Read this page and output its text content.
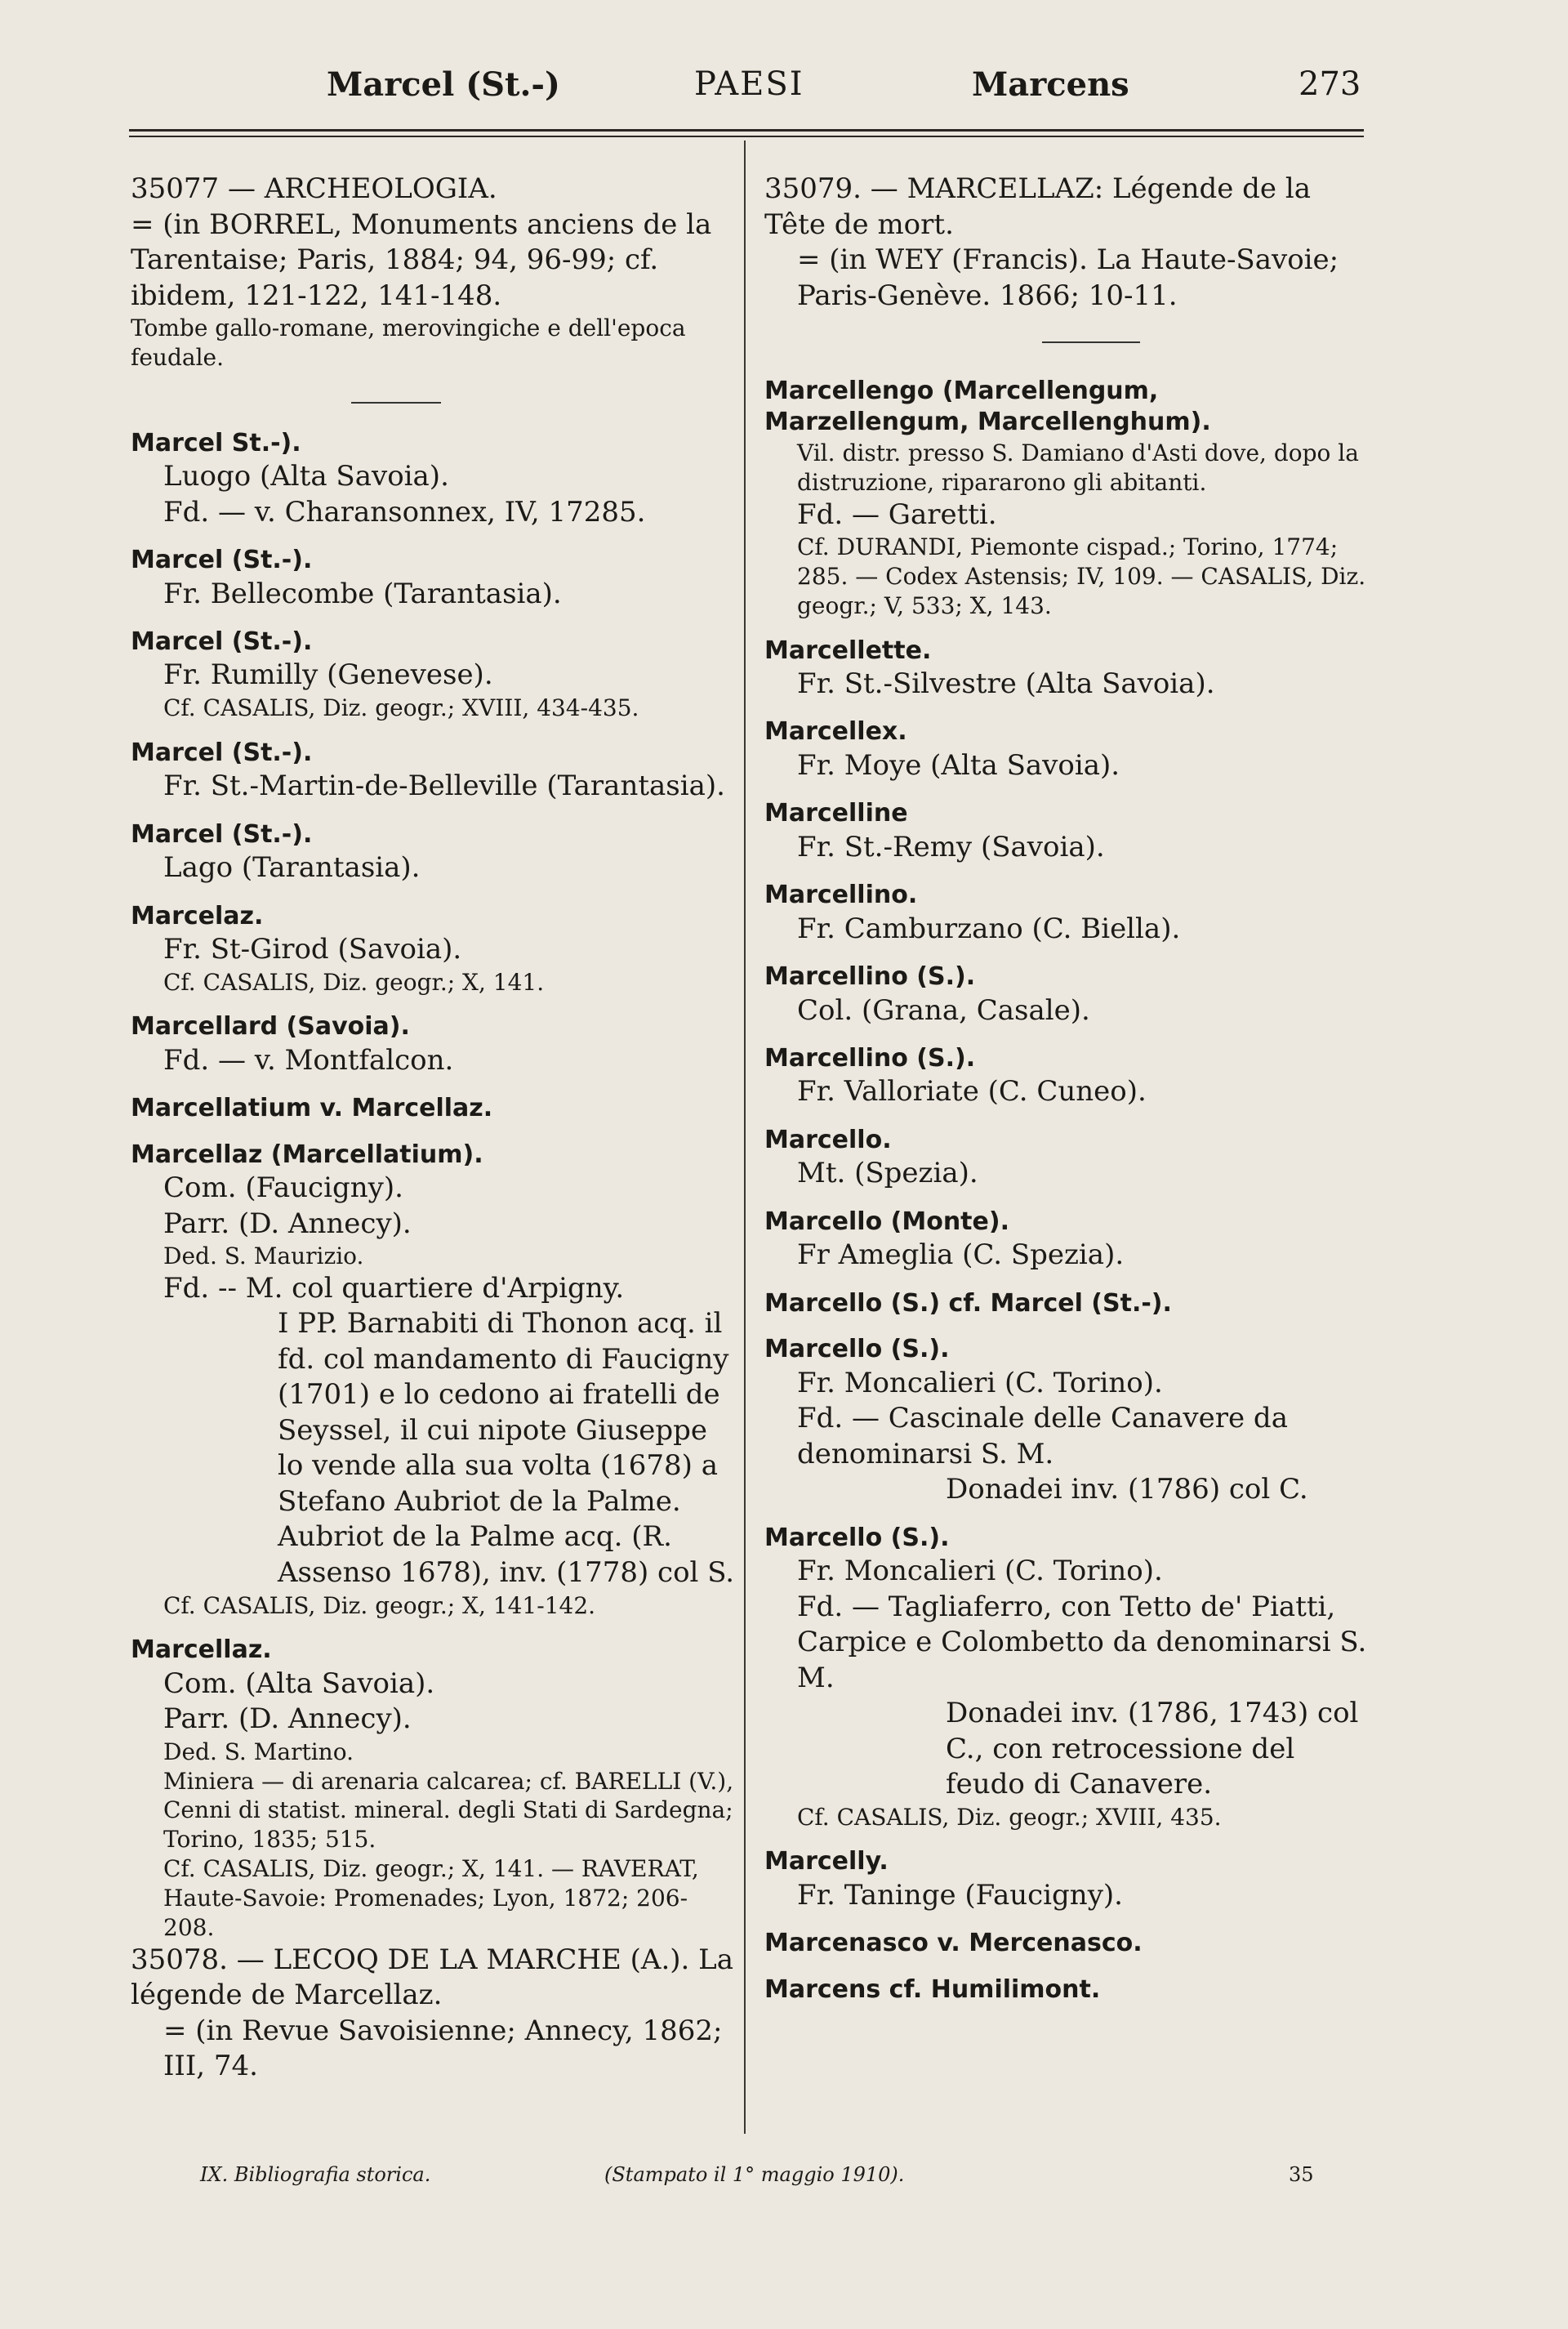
Marcel (St.-)	PAESI	Marcens	273

35077 — ARCHEOLOGIA.

= (in BORREL, Monuments anciens de la Tarentaise; Paris, 1884; 94, 96-99; cf. ibidem, 121-122, 141-148.

Tombe gallo-romane, merovingiche e dell'epoca feudale.

Marcel St.-).

Luogo (Alta Savoia).

Fd. — v. Charansonnex, IV, 17285.

Marcel (St.-).

Fr. Bellecombe (Tarantasia).

Marcel (St.-).

Fr. Rumilly (Genevese).

Cf. CASALIS, Diz. geogr.; XVIII, 434-435.

Marcel (St.-).

Fr. St.-Martin-de-Belleville (Tarantasia).

Marcel (St.-).

Lago (Tarantasia).

Marcelaz.

Fr. St-Girod (Savoia).

Cf. CASALIS, Diz. geogr.; X, 141.

Marcellard (Savoia).

Fd. — v. Montfalcon.

Marcellatium v. Marcellaz.

Marcellaz (Marcellatium).

Com. (Faucigny).

Parr. (D. Annecy).

Ded. S. Maurizio.

Fd. -- M. col quartiere d'Arpigny.

I PP. Barnabiti di Thonon acq. il fd. col mandamento di Faucigny (1701) e lo cedono ai fratelli de Seyssel, il cui nipote Giuseppe lo vende alla sua volta (1678) a Stefano Aubriot de la Palme.

Aubriot de la Palme acq. (R. Assenso 1678), inv. (1778) col S.

Cf. CASALIS, Diz. geogr.; X, 141-142.

Marcellaz.

Com. (Alta Savoia).

Parr. (D. Annecy).

Ded. S. Martino.

Miniera — di arenaria calcarea; cf. BARELLI (V.), Cenni di statist. mineral. degli Stati di Sardegna; Torino, 1835; 515.

Cf. CASALIS, Diz. geogr.; X, 141. — RAVERAT, Haute-Savoie: Promenades; Lyon, 1872; 206-208.

35078. — LECOQ DE LA MARCHE (A.). La légende de Marcellaz.

= (in Revue Savoisienne; Annecy, 1862; III, 74.

35079. — MARCELLAZ: Légende de la Tête de mort.

= (in WEY (Francis). La Haute-Savoie; Paris-Genève. 1866; 10-11.

Marcellengo (Marcellengum, Marzellengum, Marcellenghum).

Vil. distr. presso S. Damiano d'Asti dove, dopo la distruzione, ripararono gli abitanti.

Fd. — Garetti.

Cf. DURANDI, Piemonte cispad.; Torino, 1774; 285. — Codex Astensis; IV, 109. — CASALIS, Diz. geogr.; V, 533; X, 143.

Marcellette.

Fr. St.-Silvestre (Alta Savoia).

Marcellex.

Fr. Moye (Alta Savoia).

Marcelline

Fr. St.-Remy (Savoia).

Marcellino.

Fr. Camburzano (C. Biella).

Marcellino (S.).

Col. (Grana, Casale).

Marcellino (S.).

Fr. Valloriate (C. Cuneo).

Marcello.

Mt. (Spezia).

Marcello (Monte).

Fr Ameglia (C. Spezia).

Marcello (S.) cf. Marcel (St.-).

Marcello (S.).

Fr. Moncalieri (C. Torino).

Fd. — Cascinale delle Canavere da denominarsi S. M.

Donadei inv. (1786) col C.

Marcello (S.).

Fr. Moncalieri (C. Torino).

Fd. — Tagliaferro, con Tetto de' Piatti, Carpice e Colombetto da denominarsi S. M.

Donadei inv. (1786, 1743) col C., con retrocessione del feudo di Canavere.

Cf. CASALIS, Diz. geogr.; XVIII, 435.

Marcelly.

Fr. Taninge (Faucigny).

Marcenasco v. Mercenasco.

Marcens cf. Humilimont.

IX. Bibliografia storica.	(Stampato il 1° maggio 1910).	35
